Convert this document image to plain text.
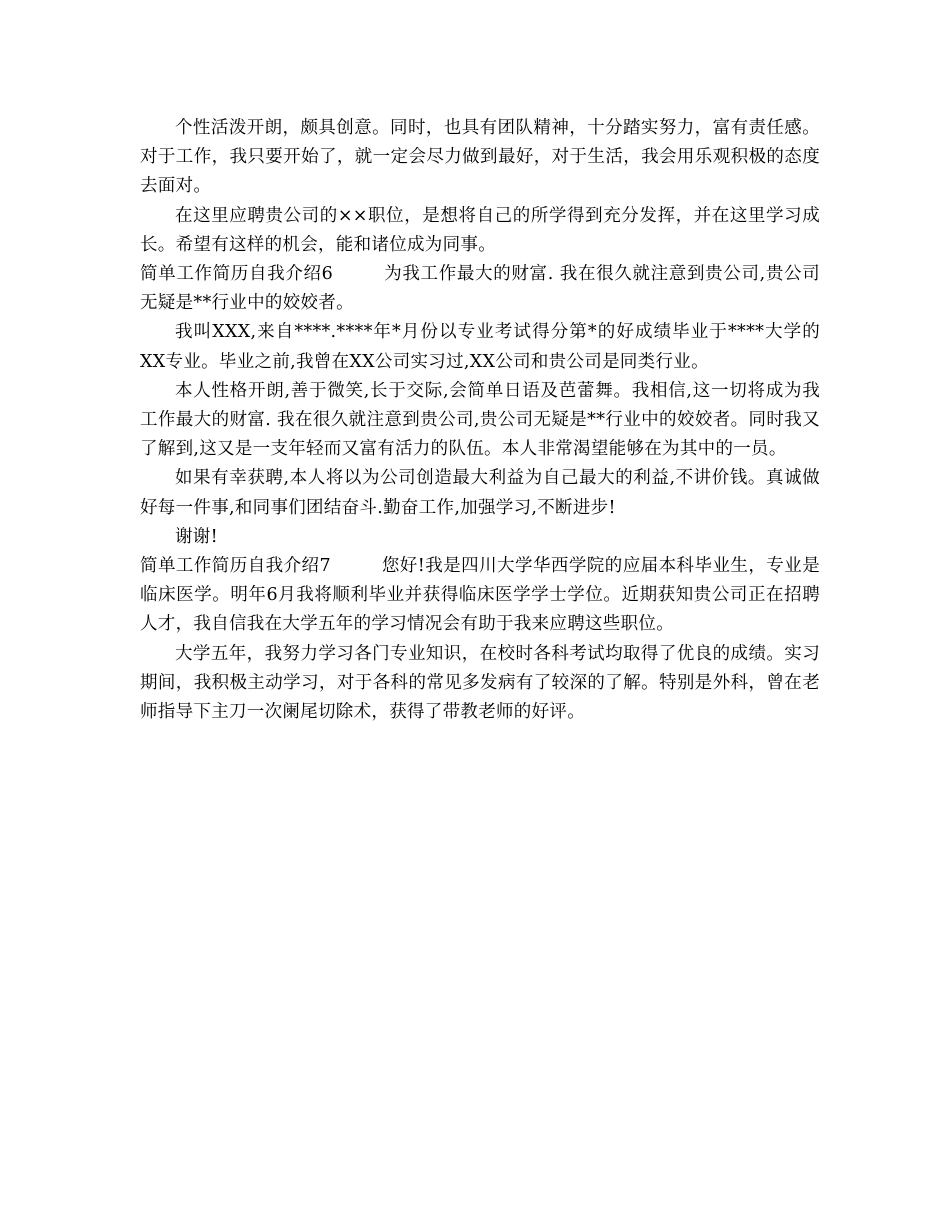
个性活泼开朗，颇具创意。同时，也具有团队精神，十分踏实努力，富有责任感。对于工作，我只要开始了，就一定会尽力做到最好，对于生活，我会用乐观积极的态度去面对。

在这里应聘贵公司的××职位，是想将自己的所学得到充分发挥，并在这里学习成长。希望有这样的机会，能和诸位成为同事。

简单工作简历自我介绍6	为我工作最大的财富. 我在很久就注意到贵公司,贵公司无疑是**行业中的姣姣者。

我叫XXX,来自****.****年*月份以专业考试得分第*的好成绩毕业于****大学的XX专业。毕业之前,我曾在XX公司实习过,XX公司和贵公司是同类行业。

本人性格开朗,善于微笑,长于交际,会简单日语及芭蕾舞。我相信,这一切将成为我工作最大的财富. 我在很久就注意到贵公司,贵公司无疑是**行业中的姣姣者。同时我又了解到,这又是一支年轻而又富有活力的队伍。本人非常渴望能够在为其中的一员。

如果有幸获聘,本人将以为公司创造最大利益为自己最大的利益,不讲价钱。真诚做好每一件事,和同事们团结奋斗.勤奋工作,加强学习,不断进步!

谢谢!

简单工作简历自我介绍7	您好!我是四川大学华西学院的应届本科毕业生，专业是临床医学。明年6月我将顺利毕业并获得临床医学学士学位。近期获知贵公司正在招聘人才，我自信我在大学五年的学习情况会有助于我来应聘这些职位。

大学五年，我努力学习各门专业知识，在校时各科考试均取得了优良的成绩。实习期间，我积极主动学习，对于各科的常见多发病有了较深的了解。特别是外科，曾在老师指导下主刀一次阑尾切除术，获得了带教老师的好评。
